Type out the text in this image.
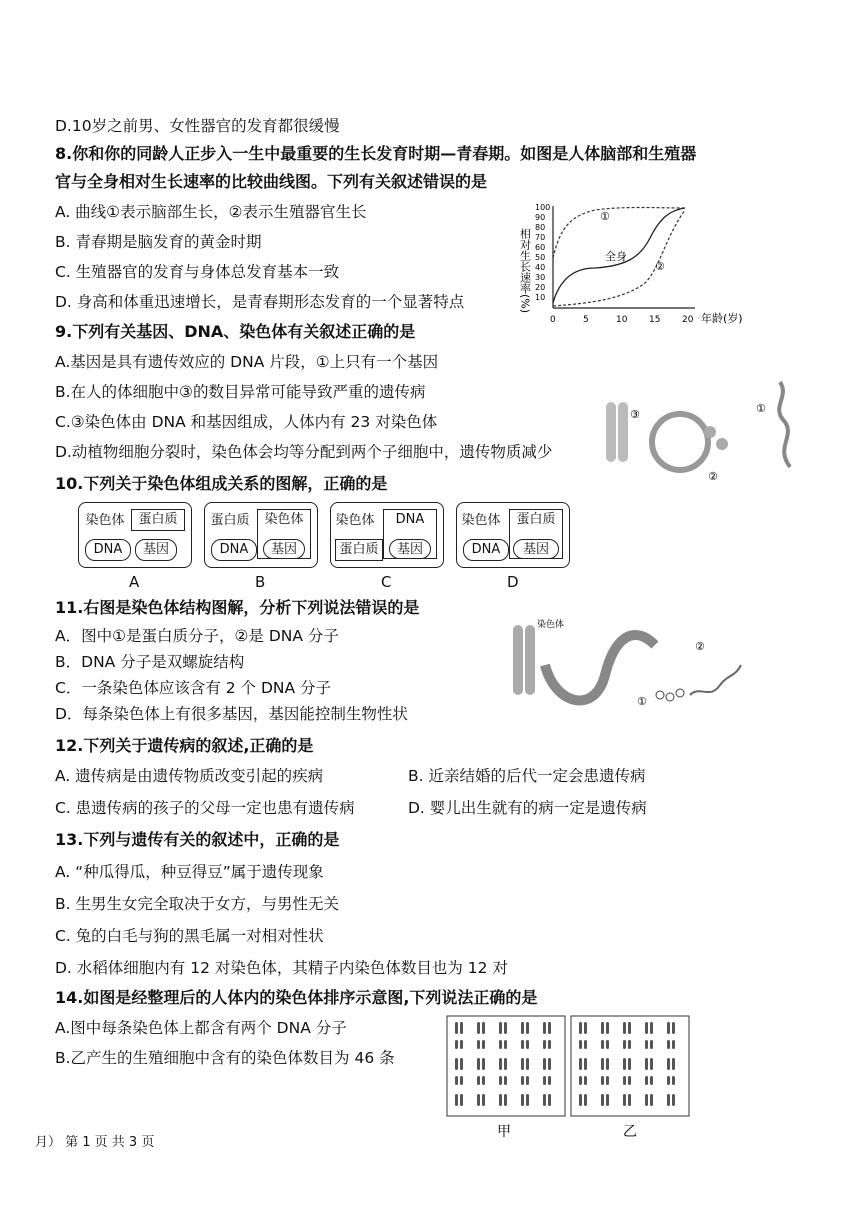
D.10岁之前男、女性器官的发育都很缓慢
8.你和你的同龄人正步入一生中最重要的生长发育时期—青春期。如图是人体脑部和生殖器
官与全身相对生长速率的比较曲线图。下列有关叙述错误的是
A. 曲线①表示脑部生长，②表示生殖器官生长
B. 青春期是脑发育的黄金时期
C. 生殖器官的发育与身体总发育基本一致
D. 身高和体重迅速增长，是青春期形态发育的一个显著特点	相对生长速率(%)
100
90
80
70
60
50
40
30
20
10
0	5	10 15 20
①
全身
②
年龄(岁)
9.下列有关基因、DNA、染色体有关叙述正确的是
A.基因是具有遗传效应的 DNA 片段，①上只有一个基因
B.在人的体细胞中③的数目异常可能导致严重的遗传病
C.③染色体由 DNA 和基因组成，人体内有 23 对染色体
D.动植物细胞分裂时，染色体会均等分配到两个子细胞中，遗传物质减少
③	①
②
10.下列关于染色体组成关系的图解，正确的是
染色体	蛋白质
DNA	基因
A
蛋白质	染色体
DNA	基因
B
染色体	DNA
蛋白质	基因
C
染色体	蛋白质
DNA	基因
D
11.右图是染色体结构图解，分析下列说法错误的是
A．图中①是蛋白质分子，②是 DNA 分子
B．DNA 分子是双螺旋结构
C．一条染色体应该含有 2 个 DNA 分子
D．每条染色体上有很多基因，基因能控制生物性状
染色体
②
①
12.下列关于遗传病的叙述,正确的是
A. 遗传病是由遗传物质改变引起的疾病	B. 近亲结婚的后代一定会患遗传病
C. 患遗传病的孩子的父母一定也患有遗传病	D. 婴儿出生就有的病一定是遗传病
13.下列与遗传有关的叙述中，正确的是
A. “种瓜得瓜，种豆得豆”属于遗传现象
B. 生男生女完全取决于女方，与男性无关
C. 兔的白毛与狗的黑毛属一对相对性状
D. 水稻体细胞内有 12 对染色体，其精子内染色体数目也为 12 对
14.如图是经整理后的人体内的染色体排序示意图,下列说法正确的是
A.图中每条染色体上都含有两个 DNA 分子
B.乙产生的生殖细胞中含有的染色体数目为 46 条
甲	乙
月） 第 1 页 共 3 页
